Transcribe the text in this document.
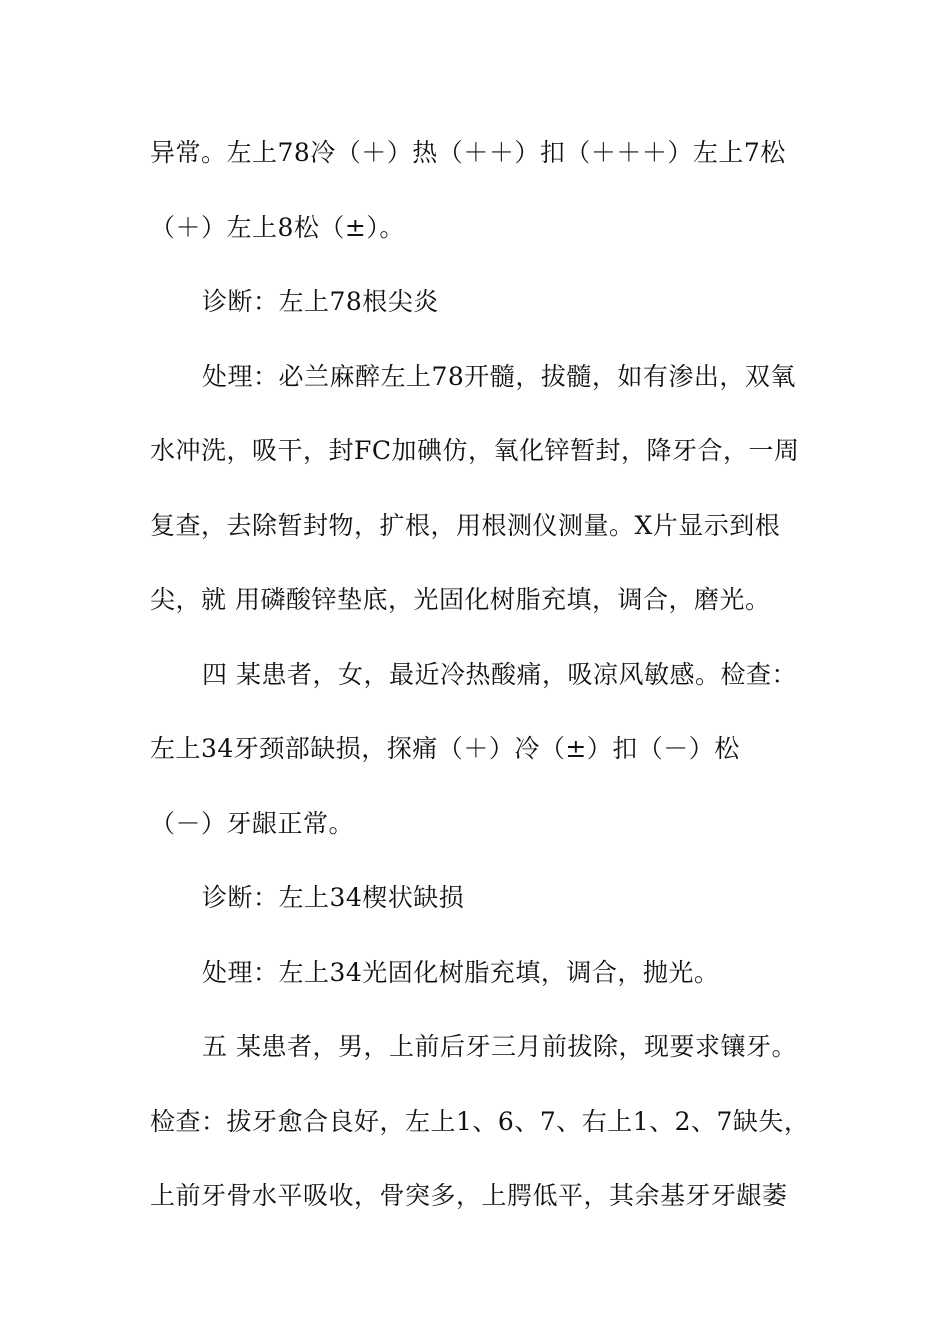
异常。左上78冷（＋）热（＋＋）扣（＋＋＋）左上7松
（＋）左上8松（±）。
诊断：左上78根尖炎
处理：必兰麻醉左上78开髓，拔髓，如有渗出，双氧
水冲洗，吸干，封FC加碘仿，氧化锌暂封，降牙合，一周
复查，去除暂封物，扩根，用根测仪测量。X片显示到根
尖，就 用磷酸锌垫底，光固化树脂充填，调合，磨光。
四 某患者，女，最近冷热酸痛，吸凉风敏感。检查：
左上34牙颈部缺损，探痛（＋）冷（±）扣（－）松
（－）牙龈正常。
诊断：左上34楔状缺损
处理：左上34光固化树脂充填，调合，抛光。
五 某患者，男，上前后牙三月前拔除，现要求镶牙。
检查：拔牙愈合良好，左上1、6、7、右上1、2、7缺失，
上前牙骨水平吸收，骨突多，上腭低平，其余基牙牙龈萎
